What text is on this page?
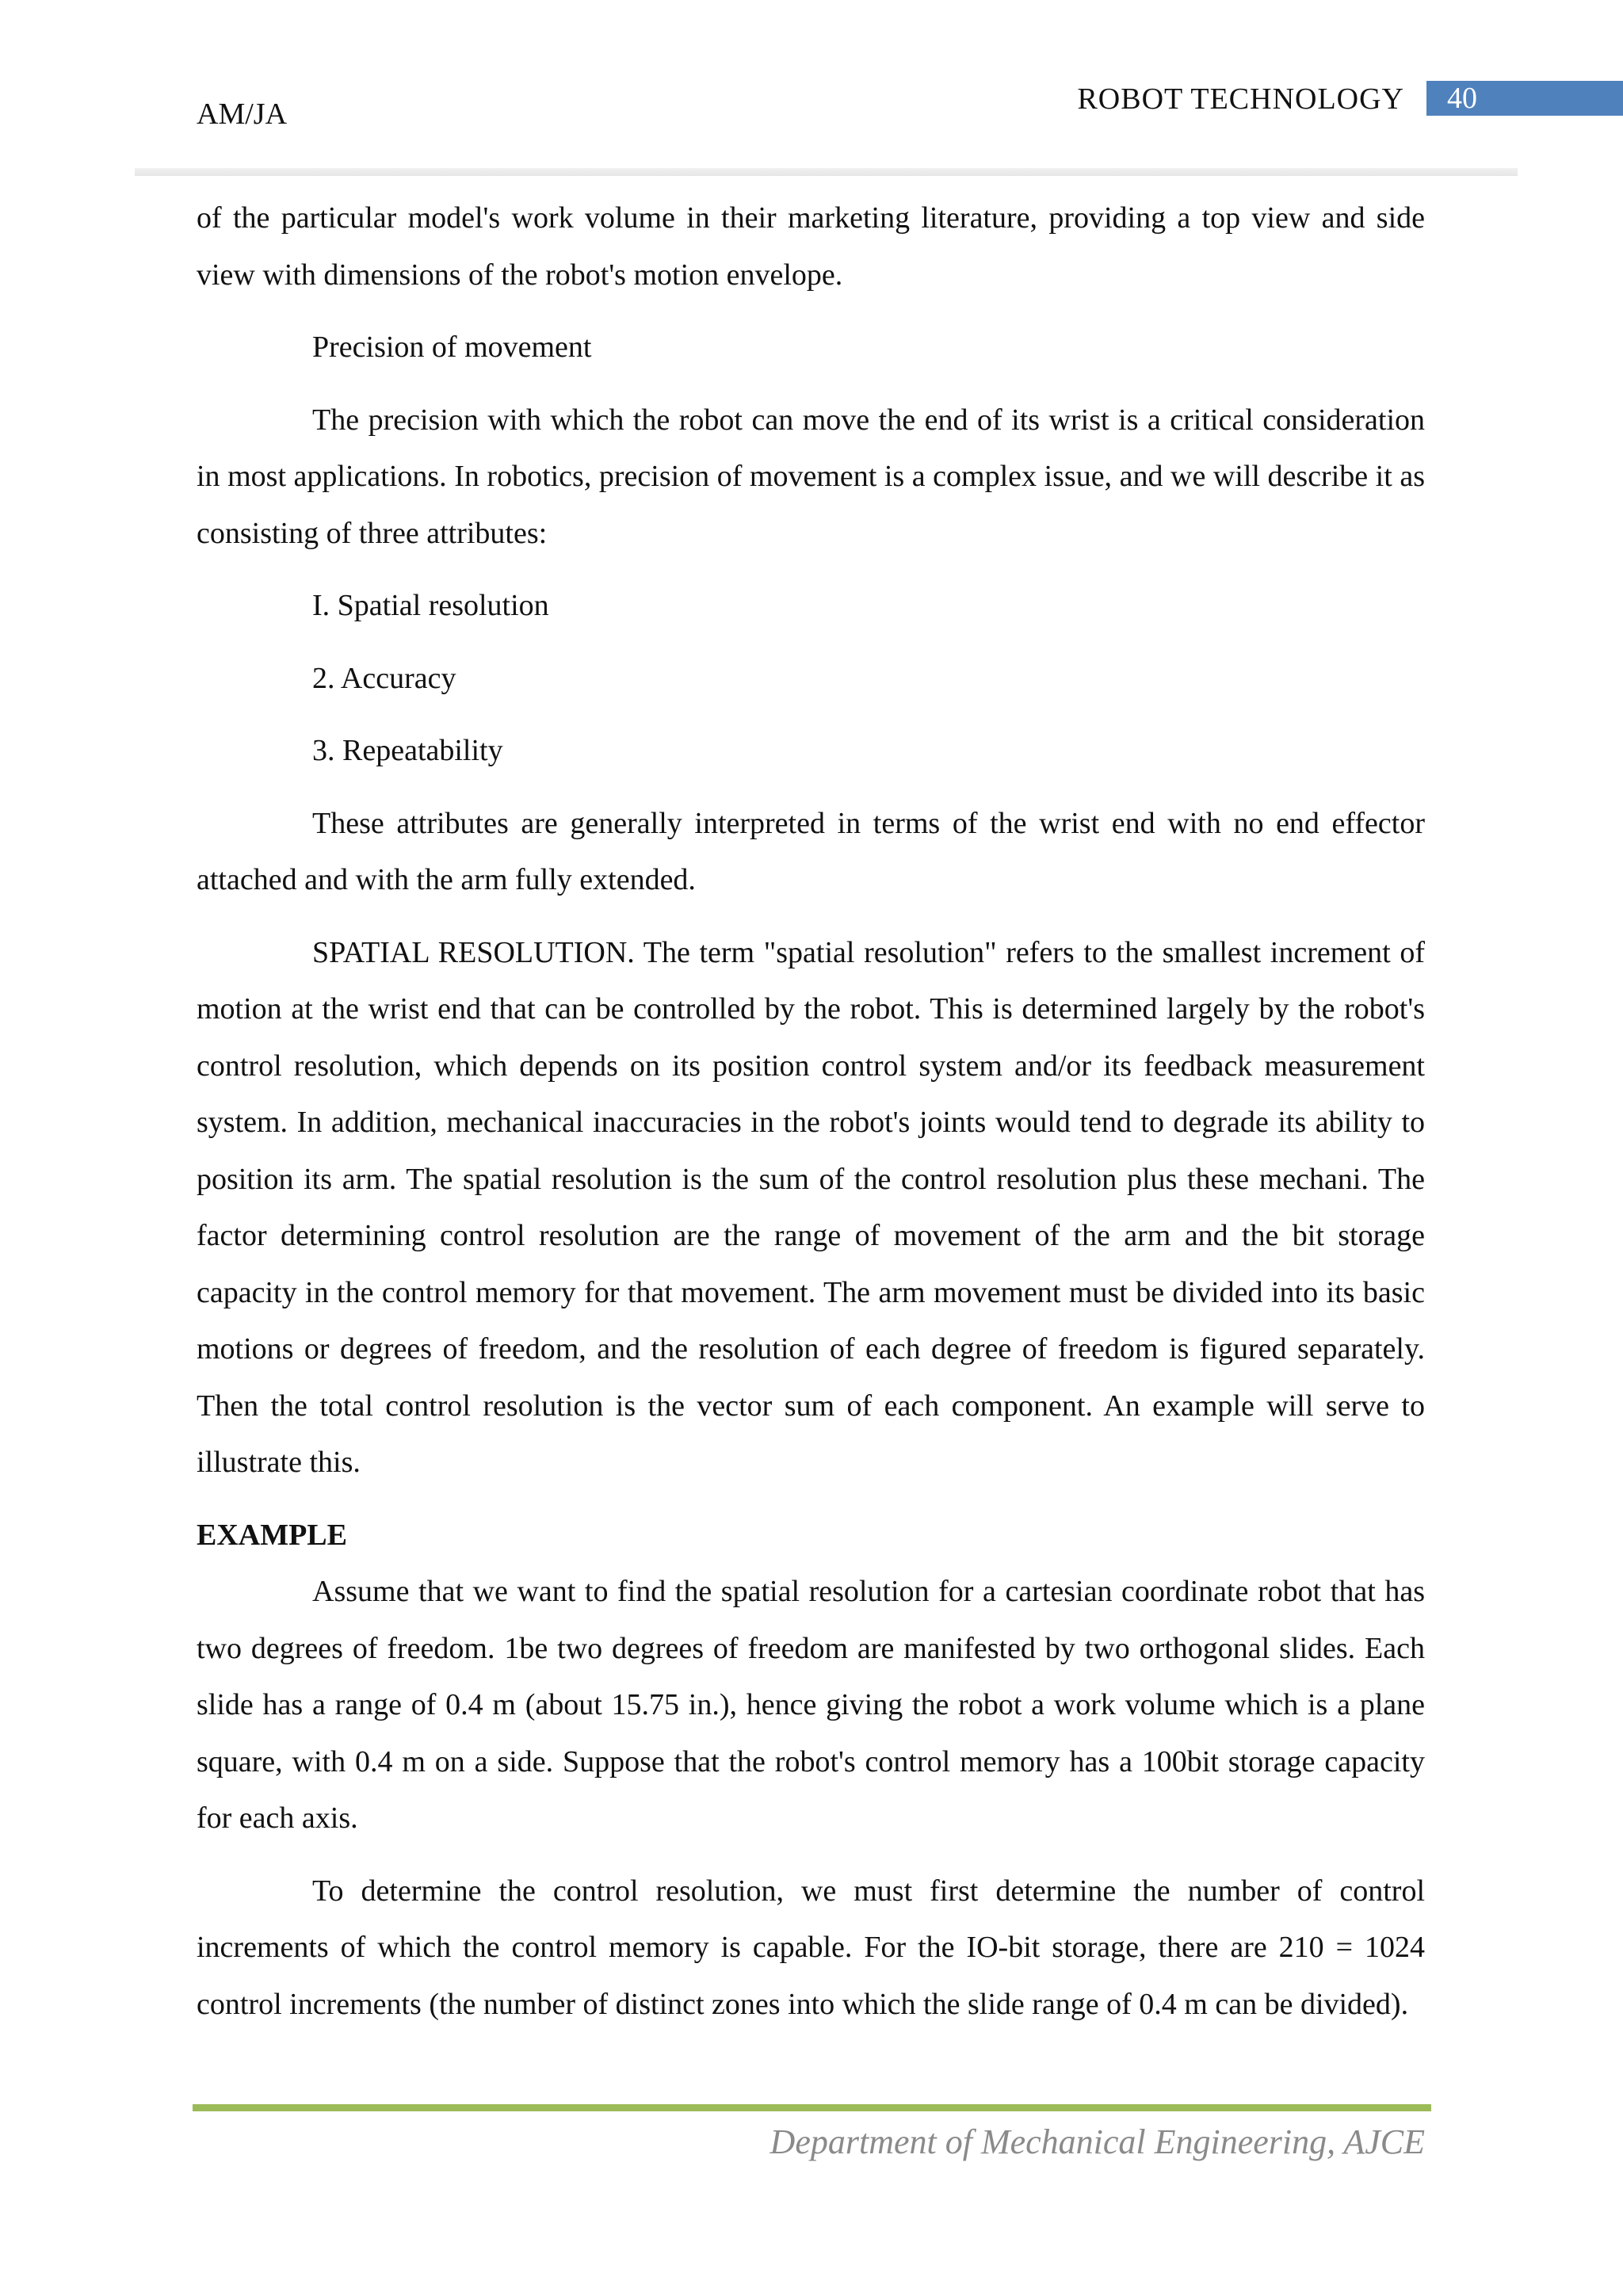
AM/JA	ROBOT TECHNOLOGY	40

of the particular model's work volume in their marketing literature, providing a top view and side view with dimensions of the robot's motion envelope.

Precision of movement

The precision with which the robot can move the end of its wrist is a critical consideration in most applications. In robotics, precision of movement is a complex issue, and we will describe it as consisting of three attributes:

I. Spatial resolution

2. Accuracy

3. Repeatability

These attributes are generally interpreted in terms of the wrist end with no end effector attached and with the arm fully extended.

SPATIAL RESOLUTION. The term "spatial resolution" refers to the smallest increment of motion at the wrist end that can be controlled by the robot. This is determined largely by the robot's control resolution, which depends on its position control system and/or its feedback measurement system. In addition, mechanical inaccuracies in the robot's joints would tend to degrade its ability to position its arm. The spatial resolution is the sum of the control resolution plus these mechani. The factor determining control resolution are the range of movement of the arm and the bit storage capacity in the control memory for that movement. The arm movement must be divided into its basic motions or degrees of freedom, and the resolution of each degree of freedom is figured separately. Then the total control resolution is the vector sum of each component. An example will serve to illustrate this.

EXAMPLE

Assume that we want to find the spatial resolution for a cartesian coordinate robot that has two degrees of freedom. 1be two degrees of freedom are manifested by two orthogonal slides. Each slide has a range of 0.4 m (about 15.75 in.), hence giving the robot a work volume which is a plane square, with 0.4 m on a side. Suppose that the robot's control memory has a 100bit storage capacity for each axis.

To determine the control resolution, we must first determine the number of control increments of which the control memory is capable. For the IO-bit storage, there are 210 = 1024 control increments (the number of distinct zones into which the slide range of 0.4 m can be divided).

Department of Mechanical Engineering, AJCE
